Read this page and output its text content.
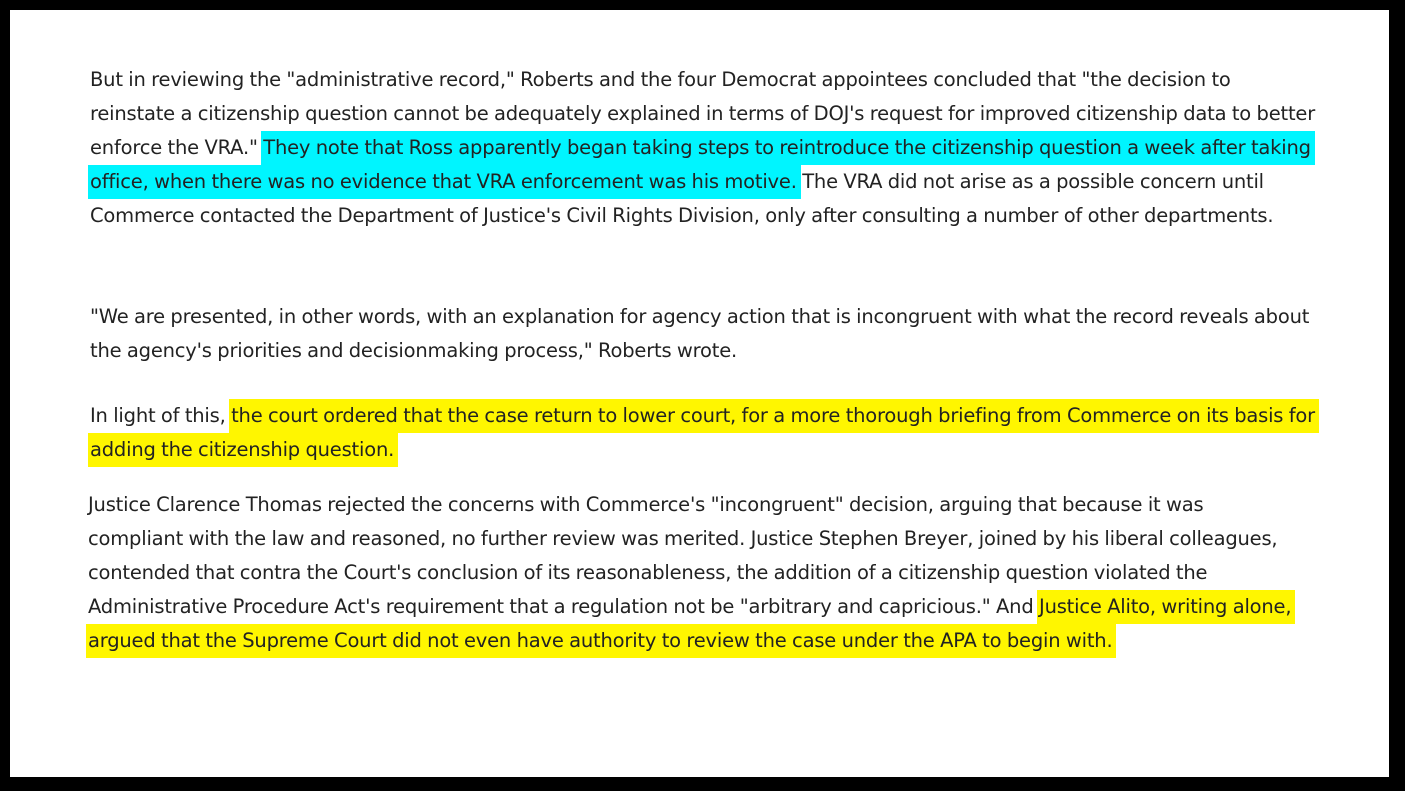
But in reviewing the "administrative record," Roberts and the four Democrat appointees concluded that "the decision to reinstate a citizenship question cannot be adequately explained in terms of DOJ's request for improved citizenship data to better enforce the VRA." They note that Ross apparently began taking steps to reintroduce the citizenship question a week after taking office, when there was no evidence that VRA enforcement was his motive. The VRA did not arise as a possible concern until Commerce contacted the Department of Justice's Civil Rights Division, only after consulting a number of other departments.

"We are presented, in other words, with an explanation for agency action that is incongruent with what the record reveals about the agency's priorities and decisionmaking process," Roberts wrote.

In light of this, the court ordered that the case return to lower court, for a more thorough briefing from Commerce on its basis for adding the citizenship question.

Justice Clarence Thomas rejected the concerns with Commerce's "incongruent" decision, arguing that because it was compliant with the law and reasoned, no further review was merited. Justice Stephen Breyer, joined by his liberal colleagues, contended that contra the Court's conclusion of its reasonableness, the addition of a citizenship question violated the Administrative Procedure Act's requirement that a regulation not be "arbitrary and capricious." And Justice Alito, writing alone, argued that the Supreme Court did not even have authority to review the case under the APA to begin with.
